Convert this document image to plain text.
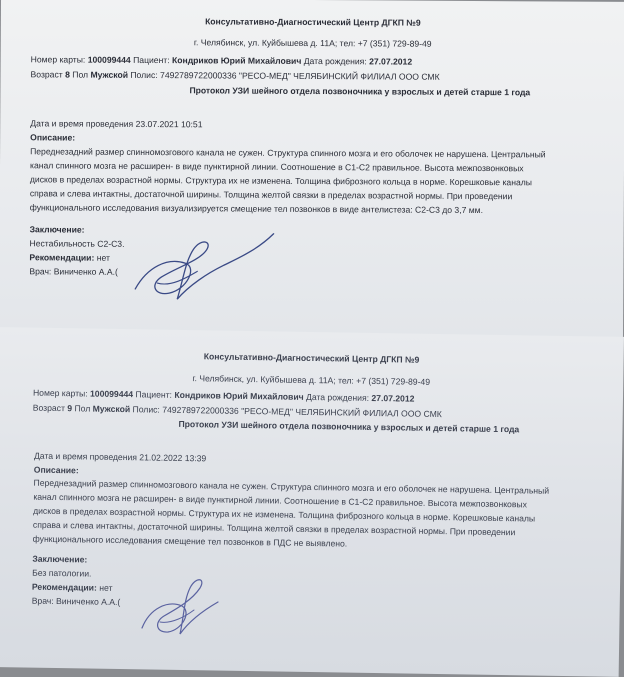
Консультативно-Диагностический Центр ДГКП №9
г. Челябинск, ул. Куйбышева д. 11А; тел: +7 (351) 729-89-49
Номер карты: 100099444 Пациент: Кондриков Юрий Михайлович Дата рождения: 27.07.2012
Возраст 8 Пол Мужской Полис: 7492789722000336 "РЕСО-МЕД" ЧЕЛЯБИНСКИЙ ФИЛИАЛ ООО СМК
Протокол УЗИ шейного отдела позвоночника у взрослых и детей старше 1 года
Дата и время проведения 23.07.2021 10:51
Описание:
Переднезадний размер спинномозгового канала не сужен. Структура спинного мозга и его оболочек не нарушена. Центральный
канал спинного мозга не расширен- в виде пунктирной линии. Соотношение в С1-С2 правильное. Высота межпозвонковых
дисков в пределах возрастной нормы. Структура их не изменена. Толщина фиброзного кольца в норме. Корешковые каналы
справа и слева интактны, достаточной ширины. Толщина желтой связки в пределах возрастной нормы. При проведении
функционального исследования визуализируется смещение тел позвонков в виде антелистеза: С2-С3 до 3,7 мм.
Заключение:
Нестабильность С2-С3.
Рекомендации: нет
Врач: Виниченко А.А.(
Консультативно-Диагностический Центр ДГКП №9
г. Челябинск, ул. Куйбышева д. 11А; тел: +7 (351) 729-89-49
Номер карты: 100099444 Пациент: Кондриков Юрий Михайлович Дата рождения: 27.07.2012
Возраст 9 Пол Мужской Полис: 7492789722000336 "РЕСО-МЕД" ЧЕЛЯБИНСКИЙ ФИЛИАЛ ООО СМК
Протокол УЗИ шейного отдела позвоночника у взрослых и детей старше 1 года
Дата и время проведения 21.02.2022 13:39
Описание:
Переднезадний размер спинномозгового канала не сужен. Структура спинного мозга и его оболочек не нарушена. Центральный
канал спинного мозга не расширен- в виде пунктирной линии. Соотношение в С1-С2 правильное. Высота межпозвонковых
дисков в пределах возрастной нормы. Структура их не изменена. Толщина фиброзного кольца в норме. Корешковые каналы
справа и слева интактны, достаточной ширины. Толщина желтой связки в пределах возрастной нормы. При проведении
функционального исследования смещение тел позвонков в ПДС не выявлено.
Заключение:
Без патологии.
Рекомендации: нет
Врач: Виниченко А.А.(
